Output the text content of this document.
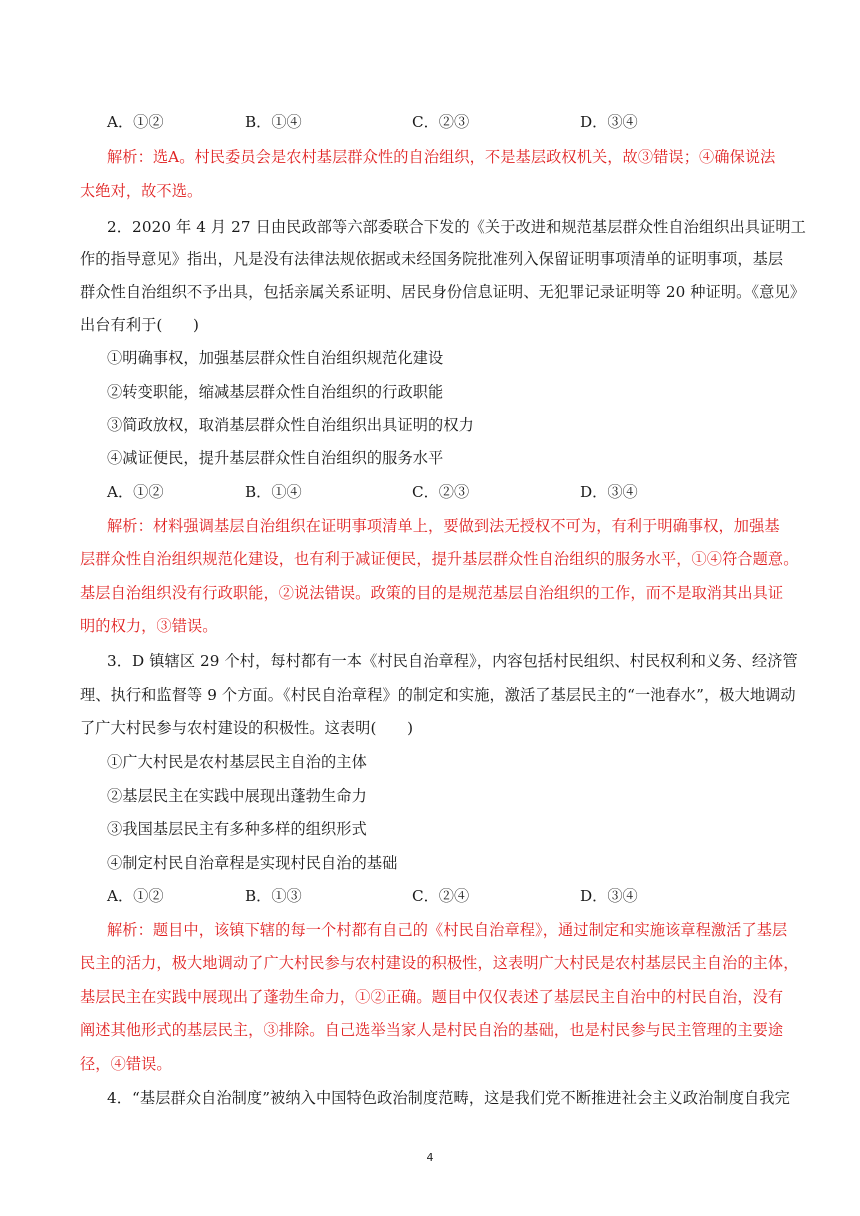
A．①②	B．①④	C．②③	D．③④
解析：选A。村民委员会是农村基层群众性的自治组织，不是基层政权机关，故③错误；④确保说法
太绝对，故不选。
2．2020 年 4 月 27 日由民政部等六部委联合下发的《关于改进和规范基层群众性自治组织出具证明工
作的指导意见》指出，凡是没有法律法规依据或未经国务院批准列入保留证明事项清单的证明事项，基层
群众性自治组织不予出具，包括亲属关系证明、居民身份信息证明、无犯罪记录证明等 20 种证明。《意见》
出台有利于(　　)
①明确事权，加强基层群众性自治组织规范化建设
②转变职能，缩减基层群众性自治组织的行政职能
③简政放权，取消基层群众性自治组织出具证明的权力
④减证便民，提升基层群众性自治组织的服务水平
A．①②	B．①④	C．②③	D．③④
解析：材料强调基层自治组织在证明事项清单上，要做到法无授权不可为，有利于明确事权，加强基
层群众性自治组织规范化建设，也有利于减证便民，提升基层群众性自治组织的服务水平，①④符合题意。
基层自治组织没有行政职能，②说法错误。政策的目的是规范基层自治组织的工作，而不是取消其出具证
明的权力，③错误。
3．D 镇辖区 29 个村，每村都有一本《村民自治章程》，内容包括村民组织、村民权利和义务、经济管
理、执行和监督等 9 个方面。《村民自治章程》的制定和实施，激活了基层民主的“一池春水”，极大地调动
了广大村民参与农村建设的积极性。这表明(　　)
①广大村民是农村基层民主自治的主体
②基层民主在实践中展现出蓬勃生命力
③我国基层民主有多种多样的组织形式
④制定村民自治章程是实现村民自治的基础
A．①②	B．①③	C．②④	D．③④
解析：题目中，该镇下辖的每一个村都有自己的《村民自治章程》，通过制定和实施该章程激活了基层
民主的活力，极大地调动了广大村民参与农村建设的积极性，这表明广大村民是农村基层民主自治的主体，
基层民主在实践中展现出了蓬勃生命力，①②正确。题目中仅仅表述了基层民主自治中的村民自治，没有
阐述其他形式的基层民主，③排除。自己选举当家人是村民自治的基础，也是村民参与民主管理的主要途
径，④错误。
4．“基层群众自治制度”被纳入中国特色政治制度范畴，这是我们党不断推进社会主义政治制度自我完
4
